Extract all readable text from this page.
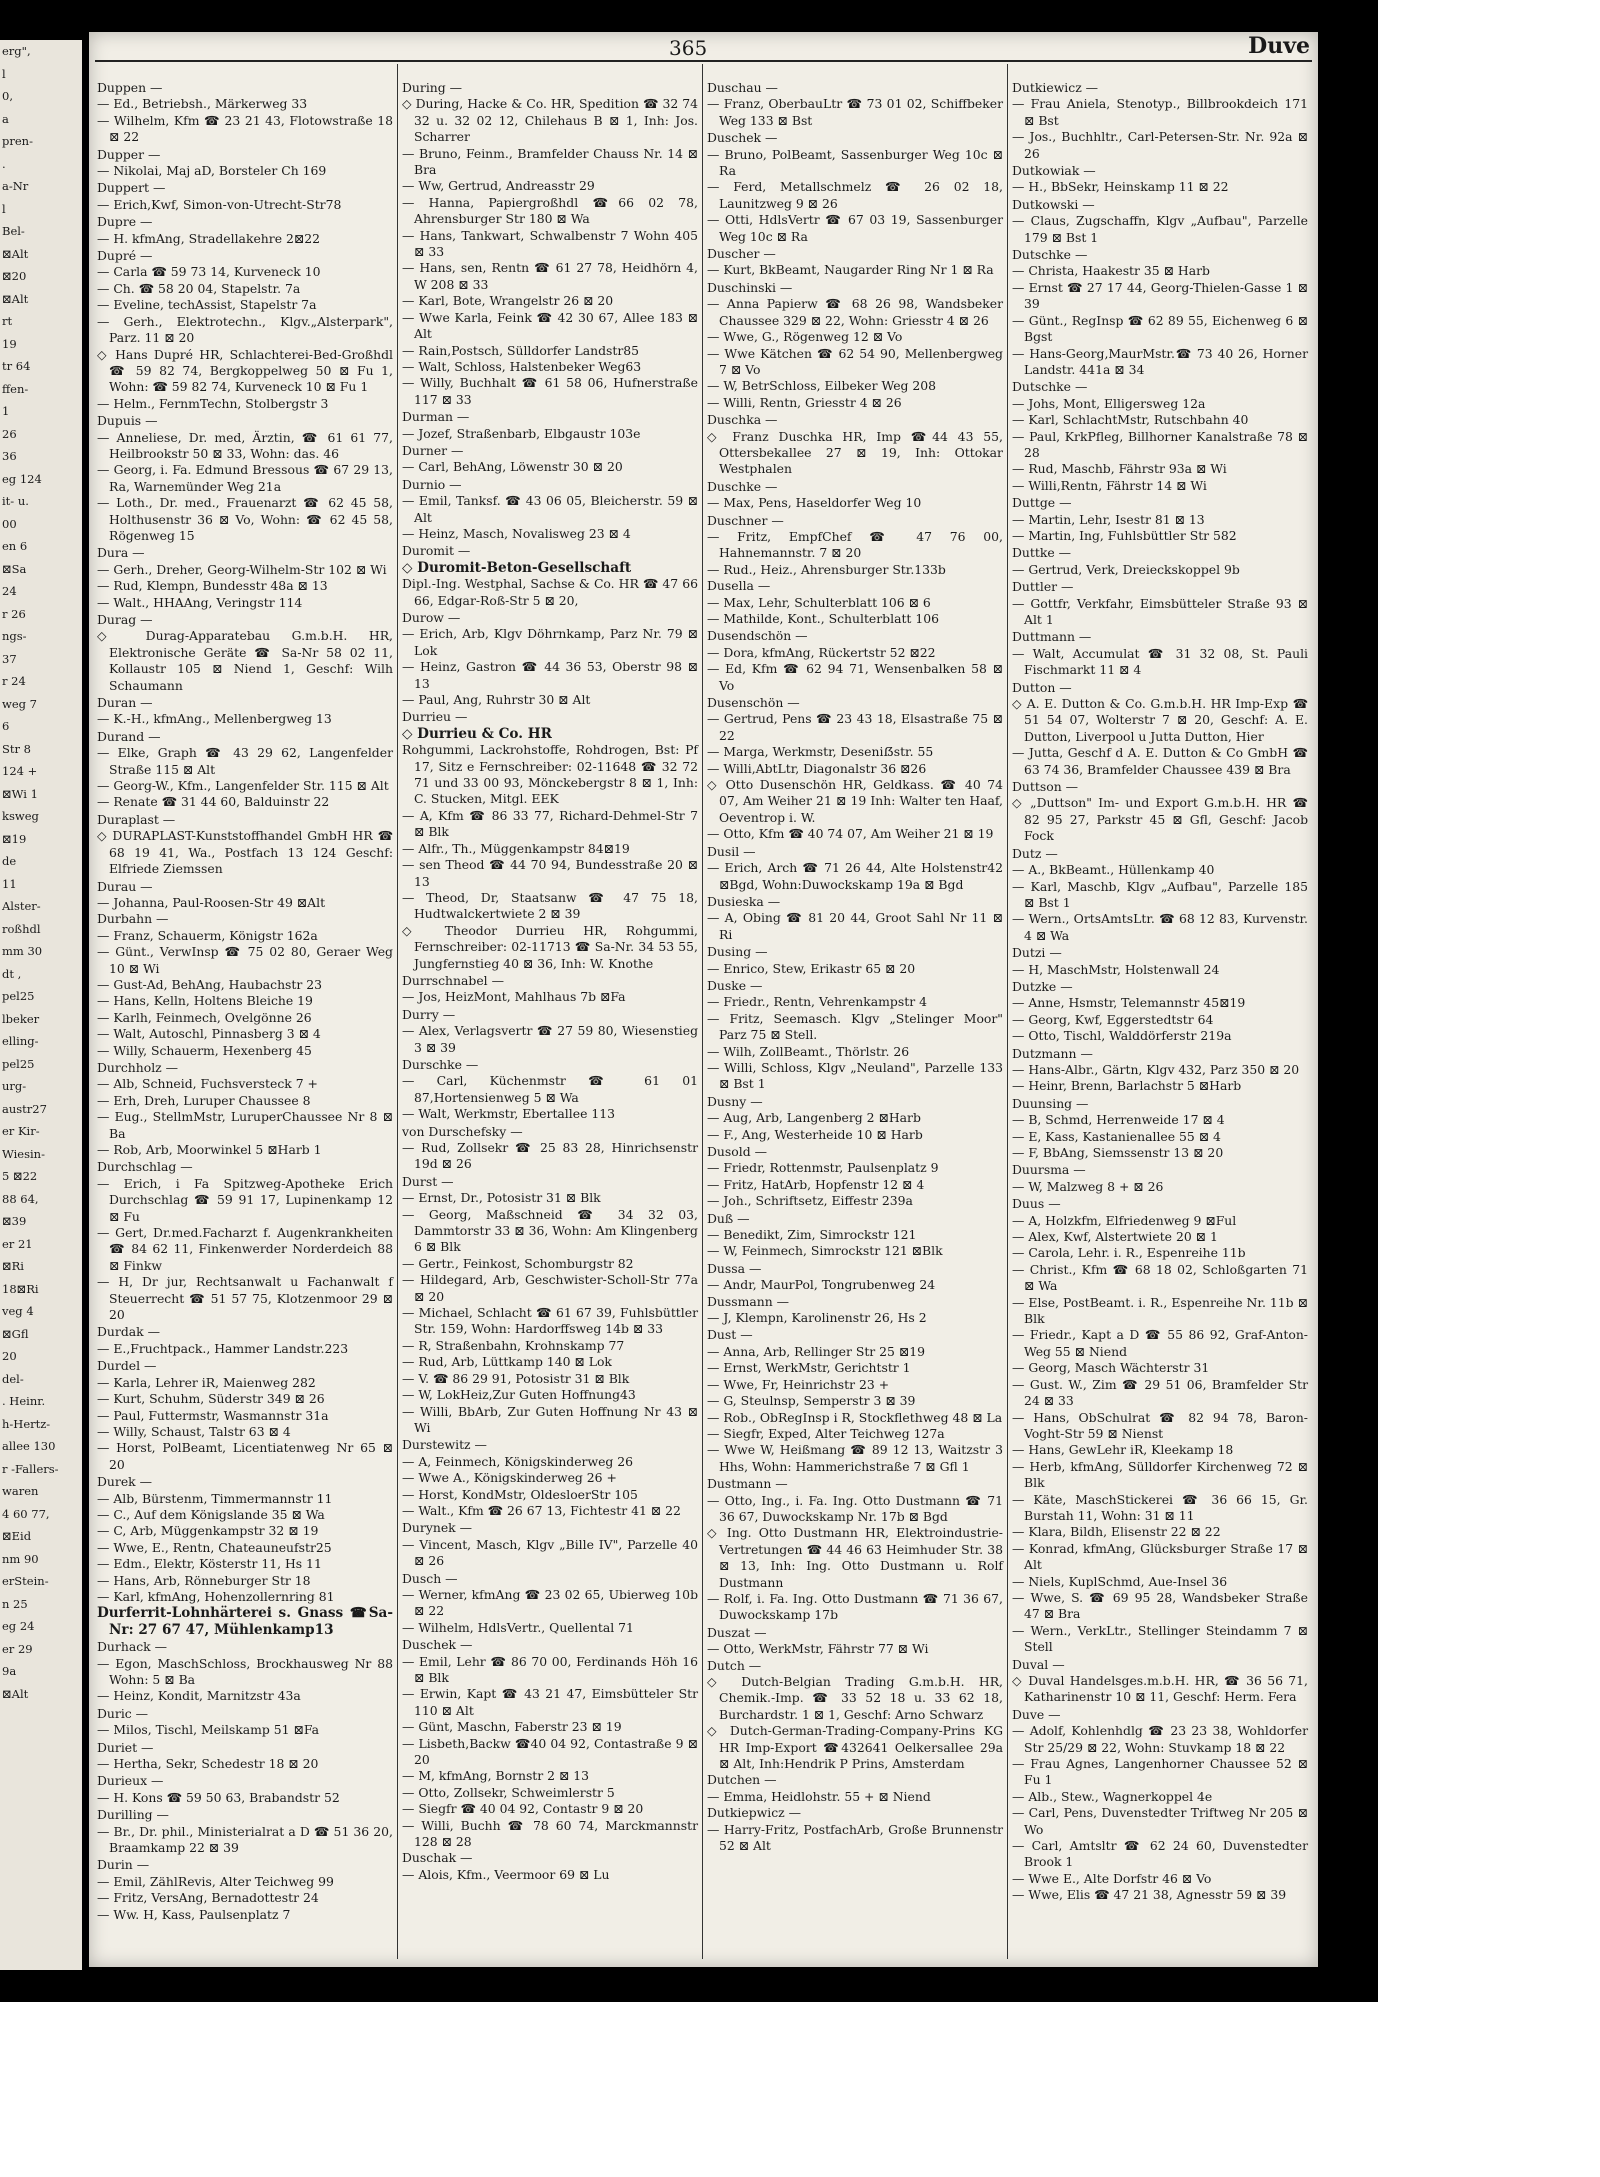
erg",
l
0,
a
pren-
.
a-Nr
l
Bel-
⊠Alt
⊠20
⊠Alt
rt
19
tr 64
ffen-
1
26
36
eg 124
it- u.
00
en 6
⊠Sa
24
r 26
ngs-
37
r 24
weg 7
6
Str 8
124 +
⊠Wi 1
ksweg
⊠19
de
11
Alster-
roßhdl
mm 30
dt ,
pel25
lbeker
elling-
pel25
urg-
austr27
er Kir-
Wiesin-
5 ⊠22
88 64,
⊠39
er 21
⊠Ri
18⊠Ri
veg 4
⊠Gfl
20
del-
. Heinr.
h-Hertz-
allee 130
r -Fallers-
waren
4 60 77,
⊠Eid
nm 90
erStein-
n 25
eg 24
er 29
9a
⊠Alt
365	Duve

Duppen —

— Ed., Betriebsh., Märkerweg 33

— Wilhelm, Kfm ☎ 23 21 43, Flotowstraße 18 ⊠ 22

Dupper —

— Nikolai, Maj aD, Borsteler Ch 169

Duppert —

— Erich,Kwf, Simon-von-Utrecht-Str78

Dupre —

— H. kfmAng, Stradellakehre 2⊠22

Dupré —

— Carla ☎ 59 73 14, Kurveneck 10

— Ch. ☎ 58 20 04, Stapelstr. 7a

— Eveline, techAssist, Stapelstr 7a

— Gerh., Elektrotechn., Klgv.„Alsterpark", Parz. 11 ⊠ 20

◇ Hans Dupré HR, Schlachterei-Bed-Großhdl ☎ 59 82 74, Bergkoppelweg 50 ⊠ Fu 1, Wohn: ☎ 59 82 74, Kurveneck 10 ⊠ Fu 1

— Helm., FernmTechn, Stolbergstr 3

Dupuis —

— Anneliese, Dr. med, Ärztin, ☎ 61 61 77, Heilbrookstr 50 ⊠ 33, Wohn: das. 46

— Georg, i. Fa. Edmund Bressous ☎ 67 29 13, Ra, Warnemünder Weg 21a

— Loth., Dr. med., Frauenarzt ☎ 62 45 58, Holthusenstr 36 ⊠ Vo, Wohn: ☎ 62 45 58, Rögenweg 15

Dura —

— Gerh., Dreher, Georg-Wilhelm-Str 102 ⊠ Wi

— Rud, Klempn, Bundesstr 48a ⊠ 13

— Walt., HHAAng, Veringstr 114

Durag —

◇ Durag-Apparatebau G.m.b.H. HR, Elektronische Geräte ☎ Sa-Nr 58 02 11, Kollaustr 105 ⊠ Niend 1, Geschf: Wilh Schaumann

Duran —

— K.-H., kfmAng., Mellenbergweg 13

Durand —

— Elke, Graph ☎ 43 29 62, Langenfelder Straße 115 ⊠ Alt

— Georg-W., Kfm., Langenfelder Str. 115 ⊠ Alt

— Renate ☎ 31 44 60, Balduinstr 22

Duraplast —

◇ DURAPLAST-Kunststoffhandel GmbH HR ☎ 68 19 41, Wa., Postfach 13 124 Geschf: Elfriede Ziemssen

Durau —

— Johanna, Paul-Roosen-Str 49 ⊠Alt

Durbahn —

— Franz, Schauerm, Königstr 162a

— Günt., VerwInsp ☎ 75 02 80, Geraer Weg 10 ⊠ Wi

— Gust-Ad, BehAng, Haubachstr 23

— Hans, Kelln, Holtens Bleiche 19

— Karlh, Feinmech, Ovelgönne 26

— Walt, Autoschl, Pinnasberg 3 ⊠ 4

— Willy, Schauerm, Hexenberg 45

Durchholz —

— Alb, Schneid, Fuchsversteck 7 +

— Erh, Dreh, Luruper Chaussee 8

— Eug., StellmMstr, LuruperChaussee Nr 8 ⊠ Ba

— Rob, Arb, Moorwinkel 5 ⊠Harb 1

Durchschlag —

— Erich, i Fa Spitzweg-Apotheke Erich Durchschlag ☎ 59 91 17, Lupinenkamp 12 ⊠ Fu

— Gert, Dr.med.Facharzt f. Augenkrankheiten ☎ 84 62 11, Finkenwerder Norderdeich 88 ⊠ Finkw

— H, Dr jur, Rechtsanwalt u Fachanwalt f Steuerrecht ☎ 51 57 75, Klotzenmoor 29 ⊠ 20

Durdak —

— E.,Fruchtpack., Hammer Landstr.223

Durdel —

— Karla, Lehrer iR, Maienweg 282

— Kurt, Schuhm, Süderstr 349 ⊠ 26

— Paul, Futtermstr, Wasmannstr 31a

— Willy, Schaust, Talstr 63 ⊠ 4

— Horst, PolBeamt, Licentiatenweg Nr 65 ⊠ 20

Durek —

— Alb, Bürstenm, Timmermannstr 11

— C., Auf dem Königslande 35 ⊠ Wa

— C, Arb, Müggenkampstr 32 ⊠ 19

— Wwe, E., Rentn, Chateauneufstr25

— Edm., Elektr, Kösterstr 11, Hs 11

— Hans, Arb, Rönneburger Str 18

— Karl, kfmAng, Hohenzollernring 81

Durferrit-Lohnhärterei s. Gnass ☎Sa-Nr: 27 67 47, Mühlenkamp13

Durhack —

— Egon, MaschSchloss, Brockhausweg Nr 88 Wohn: 5 ⊠ Ba

— Heinz, Kondit, Marnitzstr 43a

Duric —

— Milos, Tischl, Meilskamp 51 ⊠Fa

Duriet —

— Hertha, Sekr, Schedestr 18 ⊠ 20

Durieux —

— H. Kons ☎ 59 50 63, Brabandstr 52

Durilling —

— Br., Dr. phil., Ministerialrat a D ☎ 51 36 20, Braamkamp 22 ⊠ 39

Durin —

— Emil, ZählRevis, Alter Teichweg 99

— Fritz, VersAng, Bernadottestr 24

— Ww. H, Kass, Paulsenplatz 7

During —

◇ During, Hacke & Co. HR, Spedition ☎ 32 74 32 u. 32 02 12, Chilehaus B ⊠ 1, Inh: Jos. Scharrer

— Bruno, Feinm., Bramfelder Chauss Nr. 14 ⊠ Bra

— Ww, Gertrud, Andreasstr 29

— Hanna, Papiergroßhdl ☎66 02 78, Ahrensburger Str 180 ⊠ Wa

— Hans, Tankwart, Schwalbenstr 7 Wohn 405 ⊠ 33

— Hans, sen, Rentn ☎ 61 27 78, Heidhörn 4, W 208 ⊠ 33

— Karl, Bote, Wrangelstr 26 ⊠ 20

— Wwe Karla, Feink ☎ 42 30 67, Allee 183 ⊠ Alt

— Rain,Postsch, Sülldorfer Landstr85

— Walt, Schloss, Halstenbeker Weg63

— Willy, Buchhalt ☎ 61 58 06, Hufnerstraße 117 ⊠ 33

Durman —

— Jozef, Straßenbarb, Elbgaustr 103e

Durner —

— Carl, BehAng, Löwenstr 30 ⊠ 20

Durnio —

— Emil, Tanksf. ☎ 43 06 05, Bleicherstr. 59 ⊠ Alt

— Heinz, Masch, Novalisweg 23 ⊠ 4

Duromit —

◇ Duromit-Beton-Gesellschaft

Dipl.-Ing. Westphal, Sachse & Co. HR ☎ 47 66 66, Edgar-Roß-Str 5 ⊠ 20,

Durow —

— Erich, Arb, Klgv Döhrnkamp, Parz Nr. 79 ⊠ Lok

— Heinz, Gastron ☎ 44 36 53, Oberstr 98 ⊠ 13

— Paul, Ang, Ruhrstr 30 ⊠ Alt

Durrieu —

◇ Durrieu & Co. HR

Rohgummi, Lackrohstoffe, Rohdrogen, Bst: Pf 17, Sitz e Fernschreiber: 02-11648 ☎ 32 72 71 und 33 00 93, Mönckebergstr 8 ⊠ 1, Inh: C. Stucken, Mitgl. EEK

— A, Kfm ☎ 86 33 77, Richard-Dehmel-Str 7 ⊠ Blk

— Alfr., Th., Müggenkampstr 84⊠19

— sen Theod ☎ 44 70 94, Bundesstraße 20 ⊠ 13

— Theod, Dr, Staatsanw ☎ 47 75 18, Hudtwalckertwiete 2 ⊠ 39

◇ Theodor Durrieu HR, Rohgummi, Fernschreiber: 02-11713 ☎ Sa-Nr. 34 53 55, Jungfernstieg 40 ⊠ 36, Inh: W. Knothe

Durrschnabel —

— Jos, HeizMont, Mahlhaus 7b ⊠Fa

Durry —

— Alex, Verlagsvertr ☎ 27 59 80, Wiesenstieg 3 ⊠ 39

Durschke —

— Carl, Küchenmstr ☎ 61 01 87,Hortensienweg 5 ⊠ Wa

— Walt, Werkmstr, Ebertallee 113

von Durschefsky —

— Rud, Zollsekr ☎ 25 83 28, Hinrichsenstr 19d ⊠ 26

Durst —

— Ernst, Dr., Potosistr 31 ⊠ Blk

— Georg, Maßschneid ☎ 34 32 03, Dammtorstr 33 ⊠ 36, Wohn: Am Klingenberg 6 ⊠ Blk

— Gertr., Feinkost, Schomburgstr 82

— Hildegard, Arb, Geschwister-Scholl-Str 77a ⊠ 20

— Michael, Schlacht ☎ 61 67 39, Fuhlsbüttler Str. 159, Wohn: Hardorffsweg 14b ⊠ 33

— R, Straßenbahn, Krohnskamp 77

— Rud, Arb, Lüttkamp 140 ⊠ Lok

— V. ☎ 86 29 91, Potosistr 31 ⊠ Blk

— W, LokHeiz,Zur Guten Hoffnung43

— Willi, BbArb, Zur Guten Hoffnung Nr 43 ⊠ Wi

Durstewitz —

— A, Feinmech, Königskinderweg 26

— Wwe A., Königskinderweg 26 +

— Horst, KondMstr, OldesloerStr 105

— Walt., Kfm ☎ 26 67 13, Fichtestr 41 ⊠ 22

Durynek —

— Vincent, Masch, Klgv „Bille IV", Parzelle 40 ⊠ 26

Dusch —

— Werner, kfmAng ☎ 23 02 65, Ubierweg 10b ⊠ 22

— Wilhelm, HdlsVertr., Quellental 71

Duschek —

— Emil, Lehr ☎ 86 70 00, Ferdinands Höh 16 ⊠ Blk

— Erwin, Kapt ☎ 43 21 47, Eimsbütteler Str 110 ⊠ Alt

— Günt, Maschn, Faberstr 23 ⊠ 19

— Lisbeth,Backw ☎40 04 92, Contastraße 9 ⊠ 20

— M, kfmAng, Bornstr 2 ⊠ 13

— Otto, Zollsekr, Schweimlerstr 5

— Siegfr ☎ 40 04 92, Contastr 9 ⊠ 20

— Willi, Buchh ☎ 78 60 74, Marckmannstr 128 ⊠ 28

Duschak —

— Alois, Kfm., Veermoor 69 ⊠ Lu

Duschau —

— Franz, OberbauLtr ☎ 73 01 02, Schiffbeker Weg 133 ⊠ Bst

Duschek —

— Bruno, PolBeamt, Sassenburger Weg 10c ⊠ Ra

— Ferd, Metallschmelz ☎ 26 02 18, Launitzweg 9 ⊠ 26

— Otti, HdlsVertr ☎ 67 03 19, Sassenburger Weg 10c ⊠ Ra

Duscher —

— Kurt, BkBeamt, Naugarder Ring Nr 1 ⊠ Ra

Duschinski —

— Anna Papierw ☎ 68 26 98, Wandsbeker Chaussee 329 ⊠ 22, Wohn: Griesstr 4 ⊠ 26

— Wwe, G., Rögenweg 12 ⊠ Vo

— Wwe Kätchen ☎ 62 54 90, Mellenbergweg 7 ⊠ Vo

— W, BetrSchloss, Eilbeker Weg 208

— Willi, Rentn, Griesstr 4 ⊠ 26

Duschka —

◇ Franz Duschka HR, Imp ☎44 43 55, Ottersbekallee 27 ⊠ 19, Inh: Ottokar Westphalen

Duschke —

— Max, Pens, Haseldorfer Weg 10

Duschner —

— Fritz, EmpfChef ☎ 47 76 00, Hahnemannstr. 7 ⊠ 20

— Rud., Heiz., Ahrensburger Str.133b

Dusella —

— Max, Lehr, Schulterblatt 106 ⊠ 6

— Mathilde, Kont., Schulterblatt 106

Dusendschön —

— Dora, kfmAng, Rückertstr 52 ⊠22

— Ed, Kfm ☎ 62 94 71, Wensenbalken 58 ⊠ Vo

Dusenschön —

— Gertrud, Pens ☎ 23 43 18, Elsastraße 75 ⊠ 22

— Marga, Werkmstr, Deseniẞstr. 55

— Willi,AbtLtr, Diagonalstr 36 ⊠26

◇ Otto Dusenschön HR, Geldkass. ☎ 40 74 07, Am Weiher 21 ⊠ 19 Inh: Walter ten Haaf, Oeventrop i. W.

— Otto, Kfm ☎ 40 74 07, Am Weiher 21 ⊠ 19

Dusil —

— Erich, Arch ☎ 71 26 44, Alte Holstenstr42 ⊠Bgd, Wohn:Duwockskamp 19a ⊠ Bgd

Dusieska —

— A, Obing ☎ 81 20 44, Groot Sahl Nr 11 ⊠ Ri

Dusing —

— Enrico, Stew, Erikastr 65 ⊠ 20

Duske —

— Friedr., Rentn, Vehrenkampstr 4

— Fritz, Seemasch. Klgv „Stelinger Moor" Parz 75 ⊠ Stell.

— Wilh, ZollBeamt., Thörlstr. 26

— Willi, Schloss, Klgv „Neuland", Parzelle 133 ⊠ Bst 1

Dusny —

— Aug, Arb, Langenberg 2 ⊠Harb

— F., Ang, Westerheide 10 ⊠ Harb

Dusold —

— Friedr, Rottenmstr, Paulsenplatz 9

— Fritz, HatArb, Hopfenstr 12 ⊠ 4

— Joh., Schriftsetz, Eiffestr 239a

Duß —

— Benedikt, Zim, Simrockstr 121

— W, Feinmech, Simrockstr 121 ⊠Blk

Dussa —

— Andr, MaurPol, Tongrubenweg 24

Dussmann —

— J, Klempn, Karolinenstr 26, Hs 2

Dust —

— Anna, Arb, Rellinger Str 25 ⊠19

— Ernst, WerkMstr, Gerichtstr 1

— Wwe, Fr, Heinrichstr 23 +

— G, Steulnsp, Semperstr 3 ⊠ 39

— Rob., ObRegInsp i R, Stockflethweg 48 ⊠ La

— Siegfr, Exped, Alter Teichweg 127a

— Wwe W, Heißmang ☎ 89 12 13, Waitzstr 3 Hhs, Wohn: Hammerichstraße 7 ⊠ Gfl 1

Dustmann —

— Otto, Ing., i. Fa. Ing. Otto Dustmann ☎ 71 36 67, Duwockskamp Nr. 17b ⊠ Bgd

◇ Ing. Otto Dustmann HR, Elektroindustrie-Vertretungen ☎ 44 46 63 Heimhuder Str. 38 ⊠ 13, Inh: Ing. Otto Dustmann u. Rolf Dustmann

— Rolf, i. Fa. Ing. Otto Dustmann ☎ 71 36 67, Duwockskamp 17b

Duszat —

— Otto, WerkMstr, Fährstr 77 ⊠ Wi

Dutch —

◇ Dutch-Belgian Trading G.m.b.H. HR, Chemik.-Imp. ☎ 33 52 18 u. 33 62 18, Burchardstr. 1 ⊠ 1, Geschf: Arno Schwarz

◇ Dutch-German-Trading-Company-Prins KG HR Imp-Export ☎432641 Oelkersallee 29a ⊠ Alt, Inh:Hendrik P Prins, Amsterdam

Dutchen —

— Emma, Heidlohstr. 55 + ⊠ Niend

Dutkiepwicz —

— Harry-Fritz, PostfachArb, Große Brunnenstr 52 ⊠ Alt

Dutkiewicz —

— Frau Aniela, Stenotyp., Billbrookdeich 171 ⊠ Bst

— Jos., Buchhltr., Carl-Petersen-Str. Nr. 92a ⊠ 26

Dutkowiak —

— H., BbSekr, Heinskamp 11 ⊠ 22

Dutkowski —

— Claus, Zugschaffn, Klgv „Aufbau", Parzelle 179 ⊠ Bst 1

Dutschke —

— Christa, Haakestr 35 ⊠ Harb

— Ernst ☎ 27 17 44, Georg-Thielen-Gasse 1 ⊠ 39

— Günt., RegInsp ☎ 62 89 55, Eichenweg 6 ⊠ Bgst

— Hans-Georg,MaurMstr.☎ 73 40 26, Horner Landstr. 441a ⊠ 34

Dutschke —

— Johs, Mont, Elligersweg 12a

— Karl, SchlachtMstr, Rutschbahn 40

— Paul, KrkPfleg, Billhorner Kanalstraße 78 ⊠ 28

— Rud, Maschb, Fährstr 93a ⊠ Wi

— Willi,Rentn, Fährstr 14 ⊠ Wi

Duttge —

— Martin, Lehr, Isestr 81 ⊠ 13

— Martin, Ing, Fuhlsbüttler Str 582

Duttke —

— Gertrud, Verk, Dreieckskoppel 9b

Duttler —

— Gottfr, Verkfahr, Eimsbütteler Straße 93 ⊠ Alt 1

Duttmann —

— Walt, Accumulat ☎ 31 32 08, St. Pauli Fischmarkt 11 ⊠ 4

Dutton —

◇ A. E. Dutton & Co. G.m.b.H. HR Imp-Exp ☎ 51 54 07, Wolterstr 7 ⊠ 20, Geschf: A. E. Dutton, Liverpool u Jutta Dutton, Hier

— Jutta, Geschf d A. E. Dutton & Co GmbH ☎ 63 74 36, Bramfelder Chaussee 439 ⊠ Bra

Duttson —

◇ „Duttson" Im- und Export G.m.b.H. HR ☎ 82 95 27, Parkstr 45 ⊠ Gfl, Geschf: Jacob Fock

Dutz —

— A., BkBeamt., Hüllenkamp 40

— Karl, Maschb, Klgv „Aufbau", Parzelle 185 ⊠ Bst 1

— Wern., OrtsAmtsLtr. ☎ 68 12 83, Kurvenstr. 4 ⊠ Wa

Dutzi —

— H, MaschMstr, Holstenwall 24

Dutzke —

— Anne, Hsmstr, Telemannstr 45⊠19

— Georg, Kwf, Eggerstedtstr 64

— Otto, Tischl, Walddörferstr 219a

Dutzmann —

— Hans-Albr., Gärtn, Klgv 432, Parz 350 ⊠ 20

— Heinr, Brenn, Barlachstr 5 ⊠Harb

Duunsing —

— B, Schmd, Herrenweide 17 ⊠ 4

— E, Kass, Kastanienallee 55 ⊠ 4

— F, BbAng, Siemssenstr 13 ⊠ 20

Duursma —

— W, Malzweg 8 + ⊠ 26

Duus —

— A, Holzkfm, Elfriedenweg 9 ⊠Ful

— Alex, Kwf, Alstertwiete 20 ⊠ 1

— Carola, Lehr. i. R., Espenreihe 11b

— Christ., Kfm ☎ 68 18 02, Schloßgarten 71 ⊠ Wa

— Else, PostBeamt. i. R., Espenreihe Nr. 11b ⊠ Blk

— Friedr., Kapt a D ☎ 55 86 92, Graf-Anton-Weg 55 ⊠ Niend

— Georg, Masch Wächterstr 31

— Gust. W., Zim ☎ 29 51 06, Bramfelder Str 24 ⊠ 33

— Hans, ObSchulrat ☎ 82 94 78, Baron-Voght-Str 59 ⊠ Nienst

— Hans, GewLehr iR, Kleekamp 18

— Herb, kfmAng, Sülldorfer Kirchenweg 72 ⊠ Blk

— Käte, MaschStickerei ☎ 36 66 15, Gr. Burstah 11, Wohn: 31 ⊠ 11

— Klara, Bildh, Elisenstr 22 ⊠ 22

— Konrad, kfmAng, Glücksburger Straße 17 ⊠ Alt

— Niels, KuplSchmd, Aue-Insel 36

— Wwe, S. ☎ 69 95 28, Wandsbeker Straße 47 ⊠ Bra

— Wern., VerkLtr., Stellinger Steindamm 7 ⊠ Stell

Duval —

◇ Duval Handelsges.m.b.H. HR, ☎ 36 56 71, Katharinenstr 10 ⊠ 11, Geschf: Herm. Fera

Duve —

— Adolf, Kohlenhdlg ☎ 23 23 38, Wohldorfer Str 25/29 ⊠ 22, Wohn: Stuvkamp 18 ⊠ 22

— Frau Agnes, Langenhorner Chaussee 52 ⊠ Fu 1

— Alb., Stew., Wagnerkoppel 4e

— Carl, Pens, Duvenstedter Triftweg Nr 205 ⊠ Wo

— Carl, Amtsltr ☎ 62 24 60, Duvenstedter Brook 1

— Wwe E., Alte Dorfstr 46 ⊠ Vo

— Wwe, Elis ☎ 47 21 38, Agnesstr 59 ⊠ 39
